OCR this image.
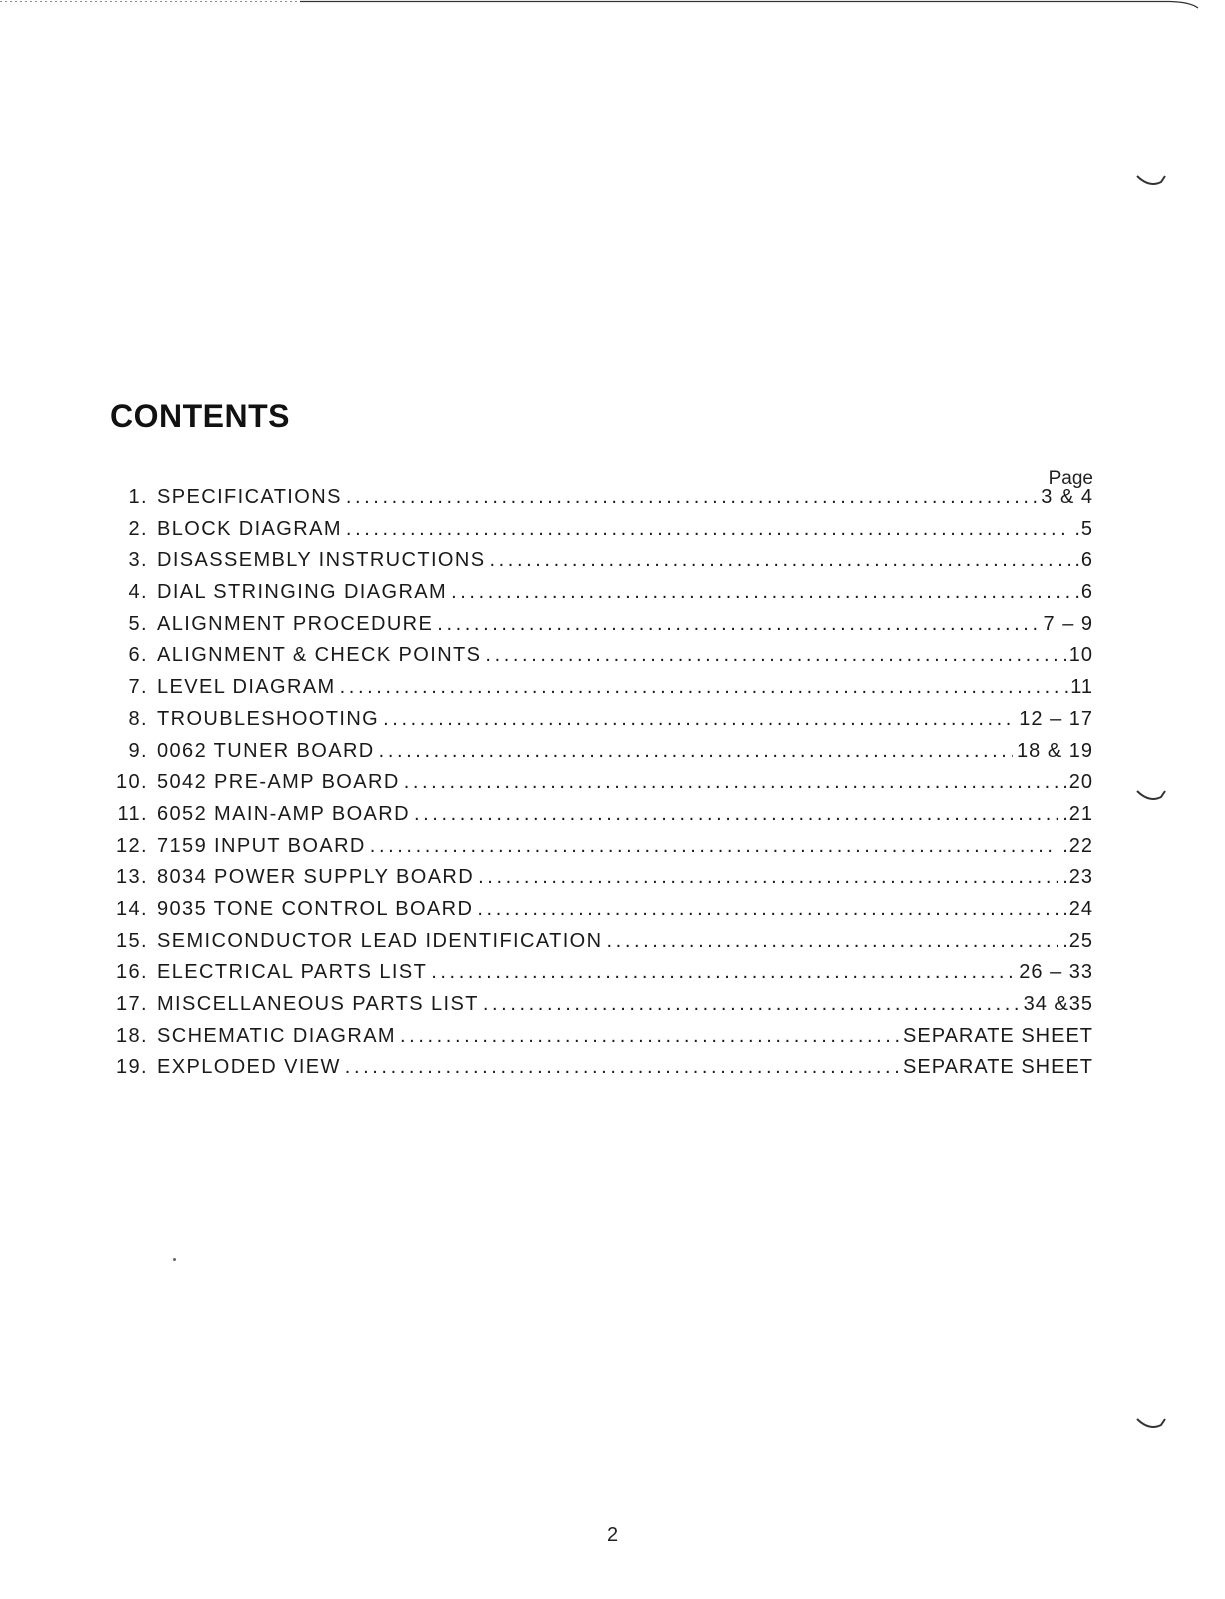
CONTENTS
Page
1. SPECIFICATIONS .....	3 & 4
2. BLOCK DIAGRAM .....	.5
3. DISASSEMBLY INSTRUCTIONS .....	.6
4. DIAL STRINGING DIAGRAM .....	.6
5. ALIGNMENT PROCEDURE .....	7 – 9
6. ALIGNMENT & CHECK POINTS .....	.10
7. LEVEL DIAGRAM .....	.11
8. TROUBLESHOOTING .....	12 – 17
9. 0062 TUNER BOARD .....	18 & 19
10. 5042 PRE-AMP BOARD .....	.20
11. 6052 MAIN-AMP BOARD .....	.21
12. 7159 INPUT BOARD .....	.22
13. 8034 POWER SUPPLY BOARD .....	.23
14. 9035 TONE CONTROL BOARD .....	.24
15. SEMICONDUCTOR LEAD IDENTIFICATION .....	.25
16. ELECTRICAL PARTS LIST .....	26 – 33
17. MISCELLANEOUS PARTS LIST .....	34 &35
18. SCHEMATIC DIAGRAM .....	SEPARATE SHEET
19. EXPLODED VIEW .....	SEPARATE SHEET
2
